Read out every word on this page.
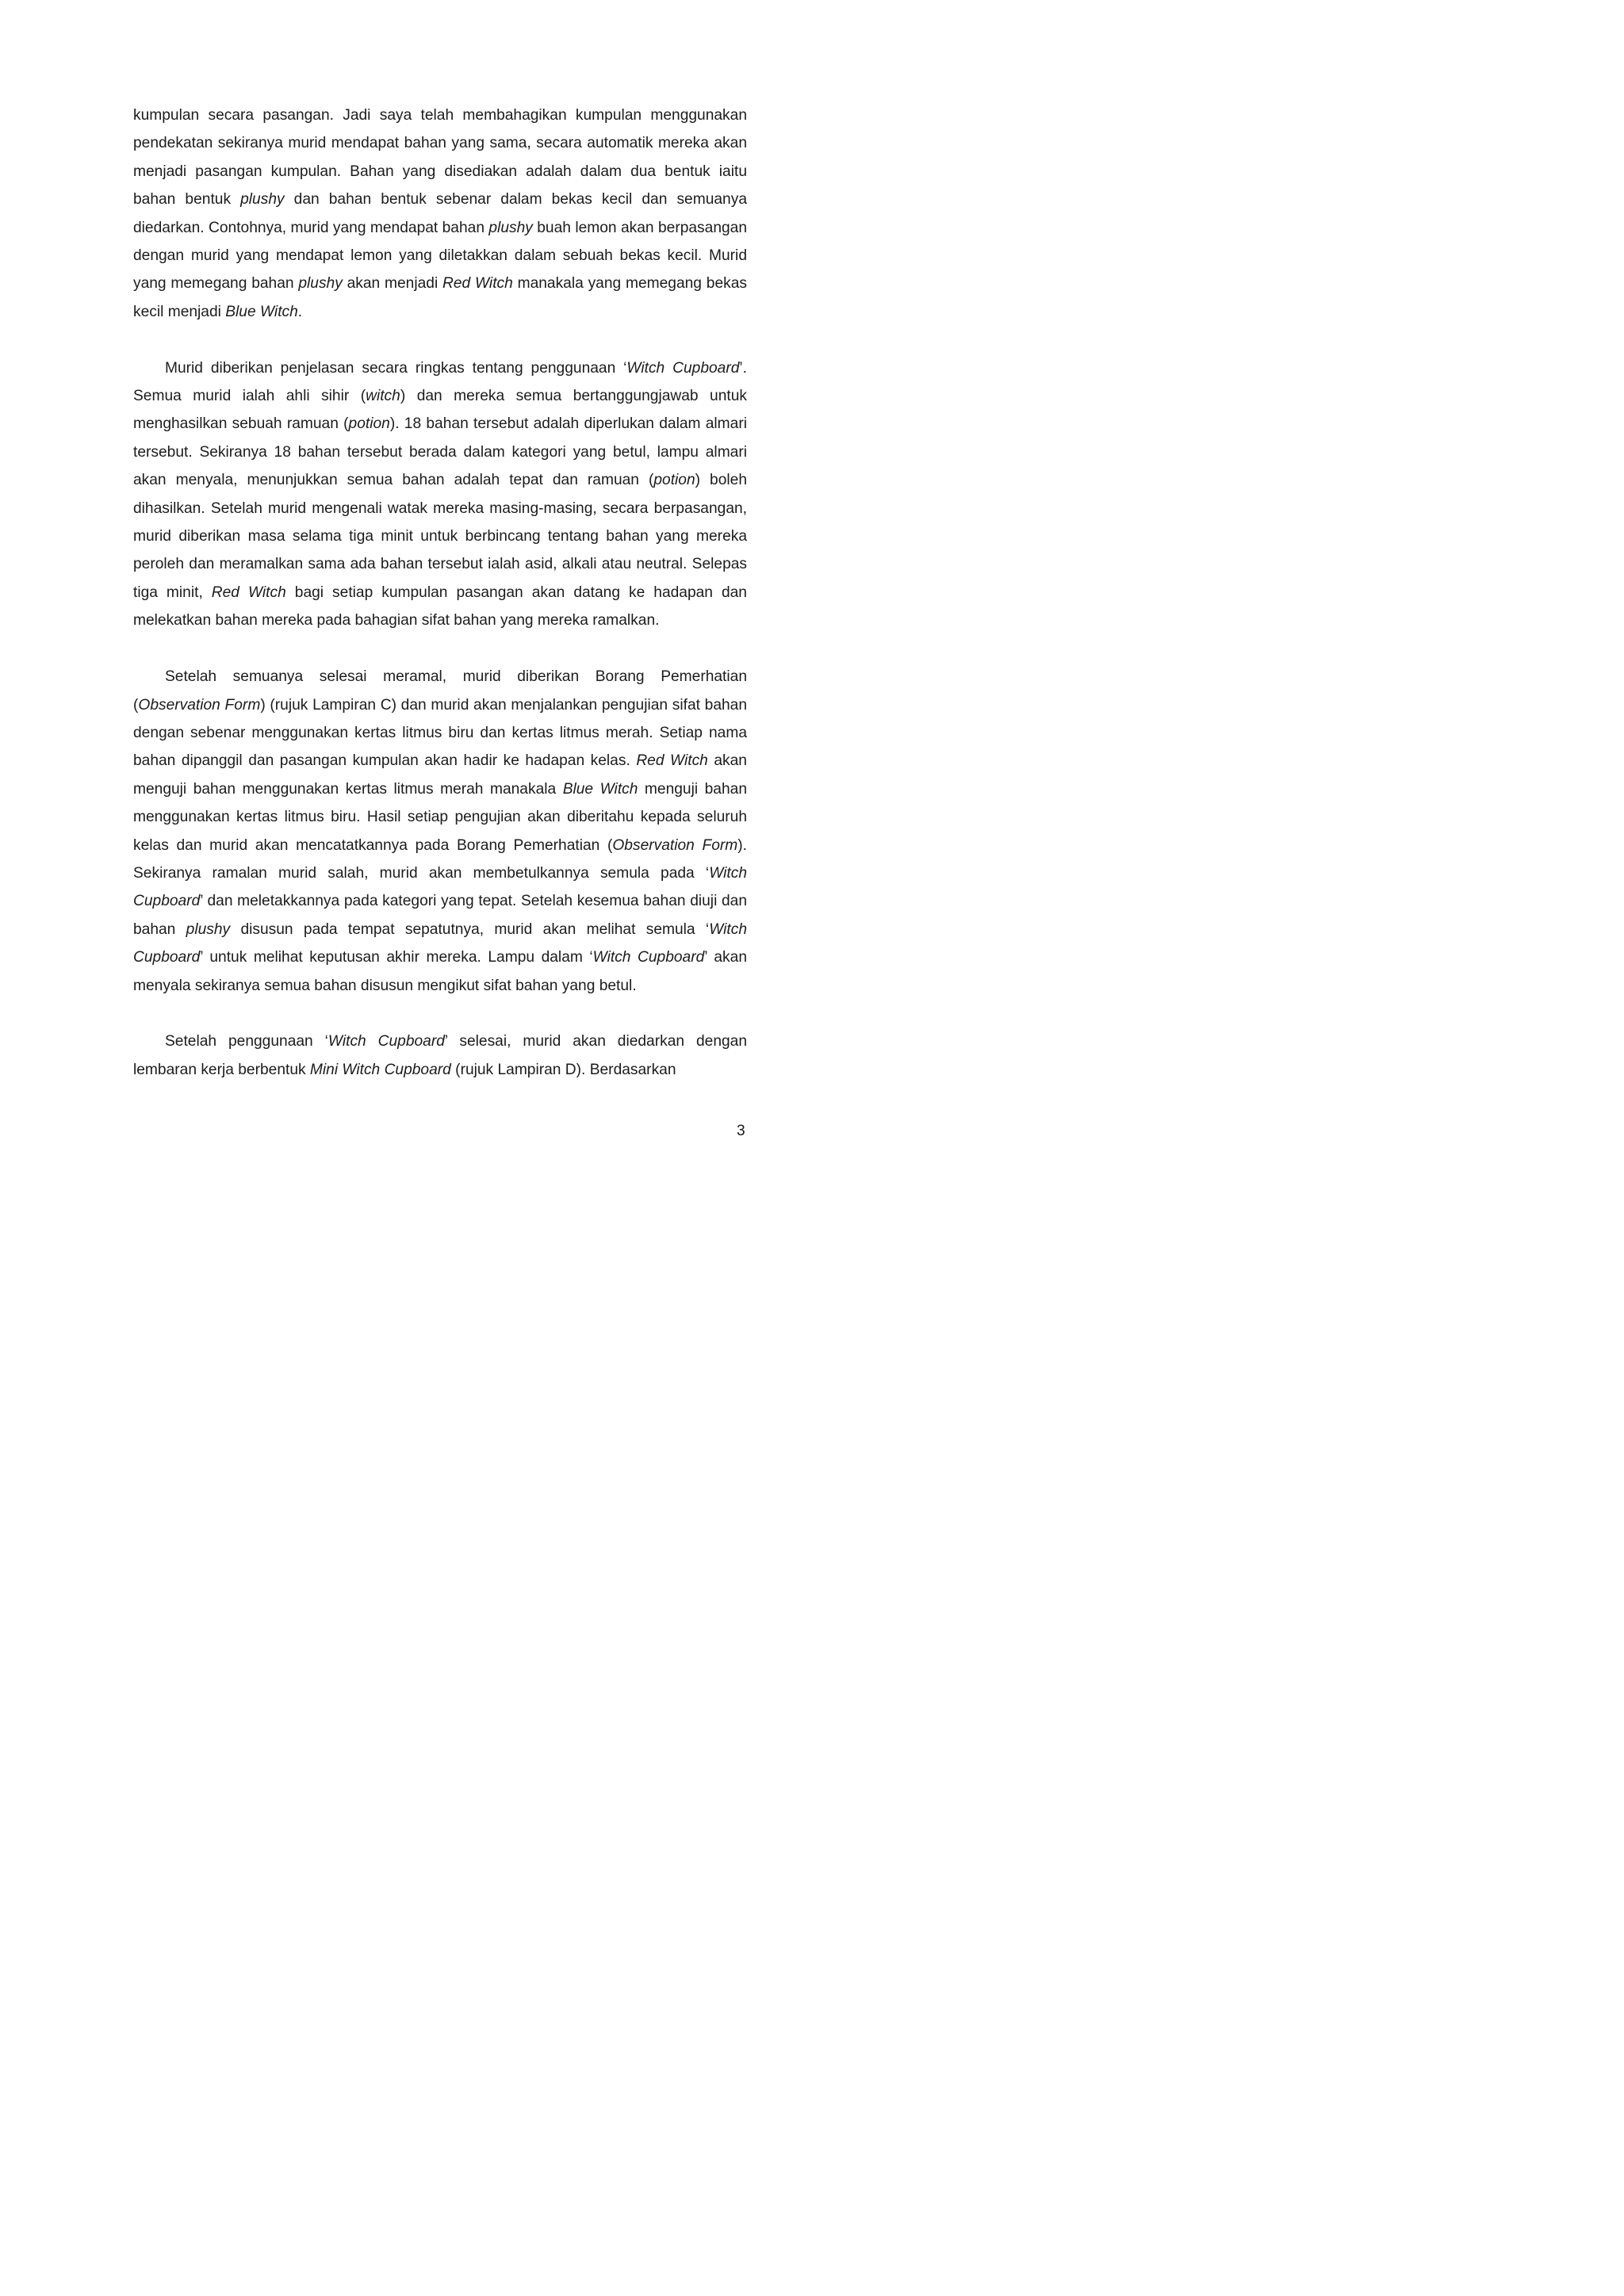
kumpulan secara pasangan. Jadi saya telah membahagikan kumpulan menggunakan pendekatan sekiranya murid mendapat bahan yang sama, secara automatik mereka akan menjadi pasangan kumpulan. Bahan yang disediakan adalah dalam dua bentuk iaitu bahan bentuk plushy dan bahan bentuk sebenar dalam bekas kecil dan semuanya diedarkan. Contohnya, murid yang mendapat bahan plushy buah lemon akan berpasangan dengan murid yang mendapat lemon yang diletakkan dalam sebuah bekas kecil. Murid yang memegang bahan plushy akan menjadi Red Witch manakala yang memegang bekas kecil menjadi Blue Witch.

Murid diberikan penjelasan secara ringkas tentang penggunaan ‘Witch Cupboard’. Semua murid ialah ahli sihir (witch) dan mereka semua bertanggungjawab untuk menghasilkan sebuah ramuan (potion). 18 bahan tersebut adalah diperlukan dalam almari tersebut. Sekiranya 18 bahan tersebut berada dalam kategori yang betul, lampu almari akan menyala, menunjukkan semua bahan adalah tepat dan ramuan (potion) boleh dihasilkan. Setelah murid mengenali watak mereka masing-masing, secara berpasangan, murid diberikan masa selama tiga minit untuk berbincang tentang bahan yang mereka peroleh dan meramalkan sama ada bahan tersebut ialah asid, alkali atau neutral. Selepas tiga minit, Red Witch bagi setiap kumpulan pasangan akan datang ke hadapan dan melekatkan bahan mereka pada bahagian sifat bahan yang mereka ramalkan.

Setelah semuanya selesai meramal, murid diberikan Borang Pemerhatian (Observation Form) (rujuk Lampiran C) dan murid akan menjalankan pengujian sifat bahan dengan sebenar menggunakan kertas litmus biru dan kertas litmus merah. Setiap nama bahan dipanggil dan pasangan kumpulan akan hadir ke hadapan kelas. Red Witch akan menguji bahan menggunakan kertas litmus merah manakala Blue Witch menguji bahan menggunakan kertas litmus biru. Hasil setiap pengujian akan diberitahu kepada seluruh kelas dan murid akan mencatatkannya pada Borang Pemerhatian (Observation Form). Sekiranya ramalan murid salah, murid akan membetulkannya semula pada ‘Witch Cupboard’ dan meletakkannya pada kategori yang tepat. Setelah kesemua bahan diuji dan bahan plushy disusun pada tempat sepatutnya, murid akan melihat semula ‘Witch Cupboard’ untuk melihat keputusan akhir mereka. Lampu dalam ‘Witch Cupboard’ akan menyala sekiranya semua bahan disusun mengikut sifat bahan yang betul.

Setelah penggunaan ‘Witch Cupboard’ selesai, murid akan diedarkan dengan lembaran kerja berbentuk Mini Witch Cupboard (rujuk Lampiran D). Berdasarkan

3
